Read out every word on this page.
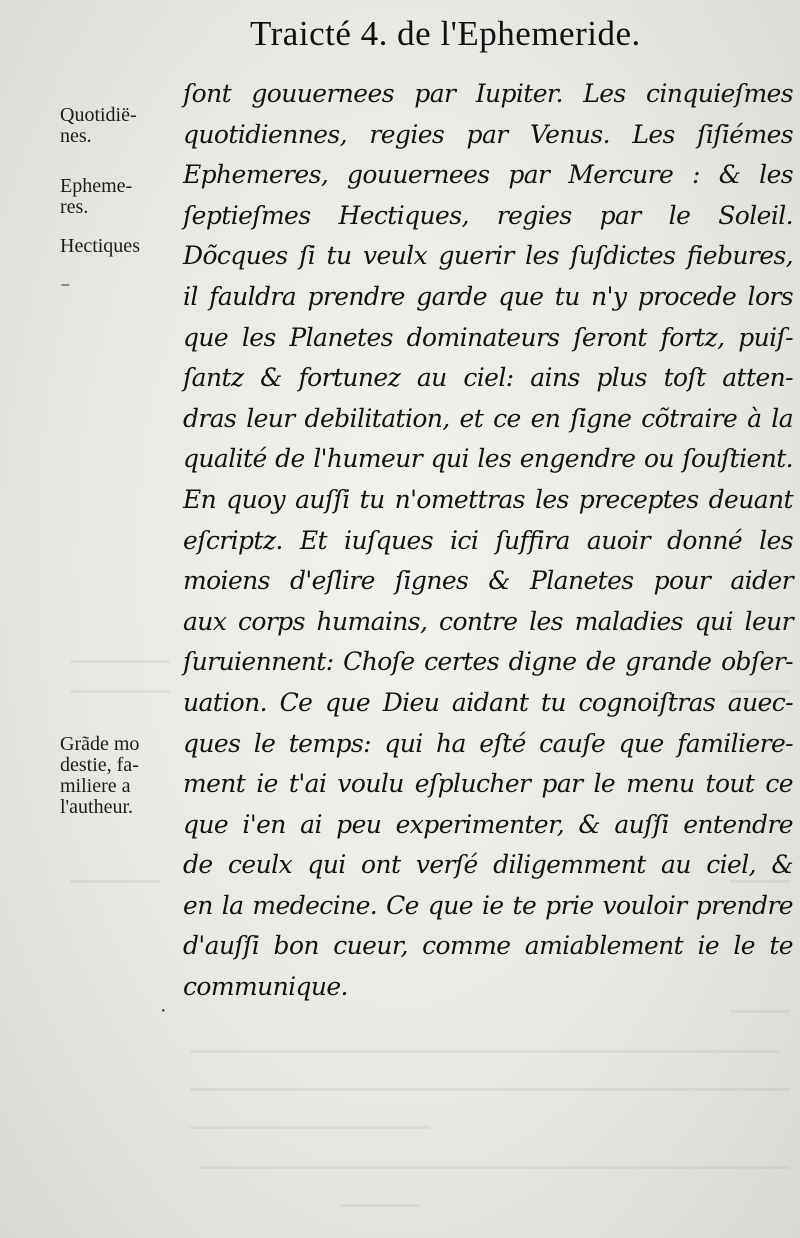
Traicté 4. de l'Ephemeride.
Quotidië-
nes.
Epheme-
res.
Hectiques
Grãde mo
destie, fa-
miliere a
l'autheur.
⁻
·
ſont gouuernees par Iupiter. Les cinquieſmes
quotidiennes, regies par Venus. Les ſiſiémes
Ephemeres, gouuernees par Mercure : & les
ſeptieſmes Hectiques, regies par le Soleil.
Dõcques ſi tu veulx guerir les ſuſdictes fiebures,
il fauldra prendre garde que tu n'y procede lors
que les Planetes dominateurs ſeront fortz, puiſ-
ſantz & fortunez au ciel: ains plus toſt atten-
dras leur debilitation, et ce en ſigne cõtraire à la
qualité de l'humeur qui les engendre ou ſouſtient.
En quoy auſſi tu n'omettras les preceptes deuant
eſcriptz. Et iuſques ici ſuffira auoir donné les
moiens d'eſlire ſignes & Planetes pour aider
aux corps humains, contre les maladies qui leur
ſuruiennent: Choſe certes digne de grande obſer-
uation. Ce que Dieu aidant tu cognoiſtras auec-
ques le temps: qui ha eſté cauſe que familiere-
ment ie t'ai voulu eſplucher par le menu tout ce
que i'en ai peu experimenter, & auſſi entendre
de ceulx qui ont verſé diligemment au ciel, &
en la medecine. Ce que ie te prie vouloir prendre
d'auſſi bon cueur, comme amiablement ie le te
communique.
